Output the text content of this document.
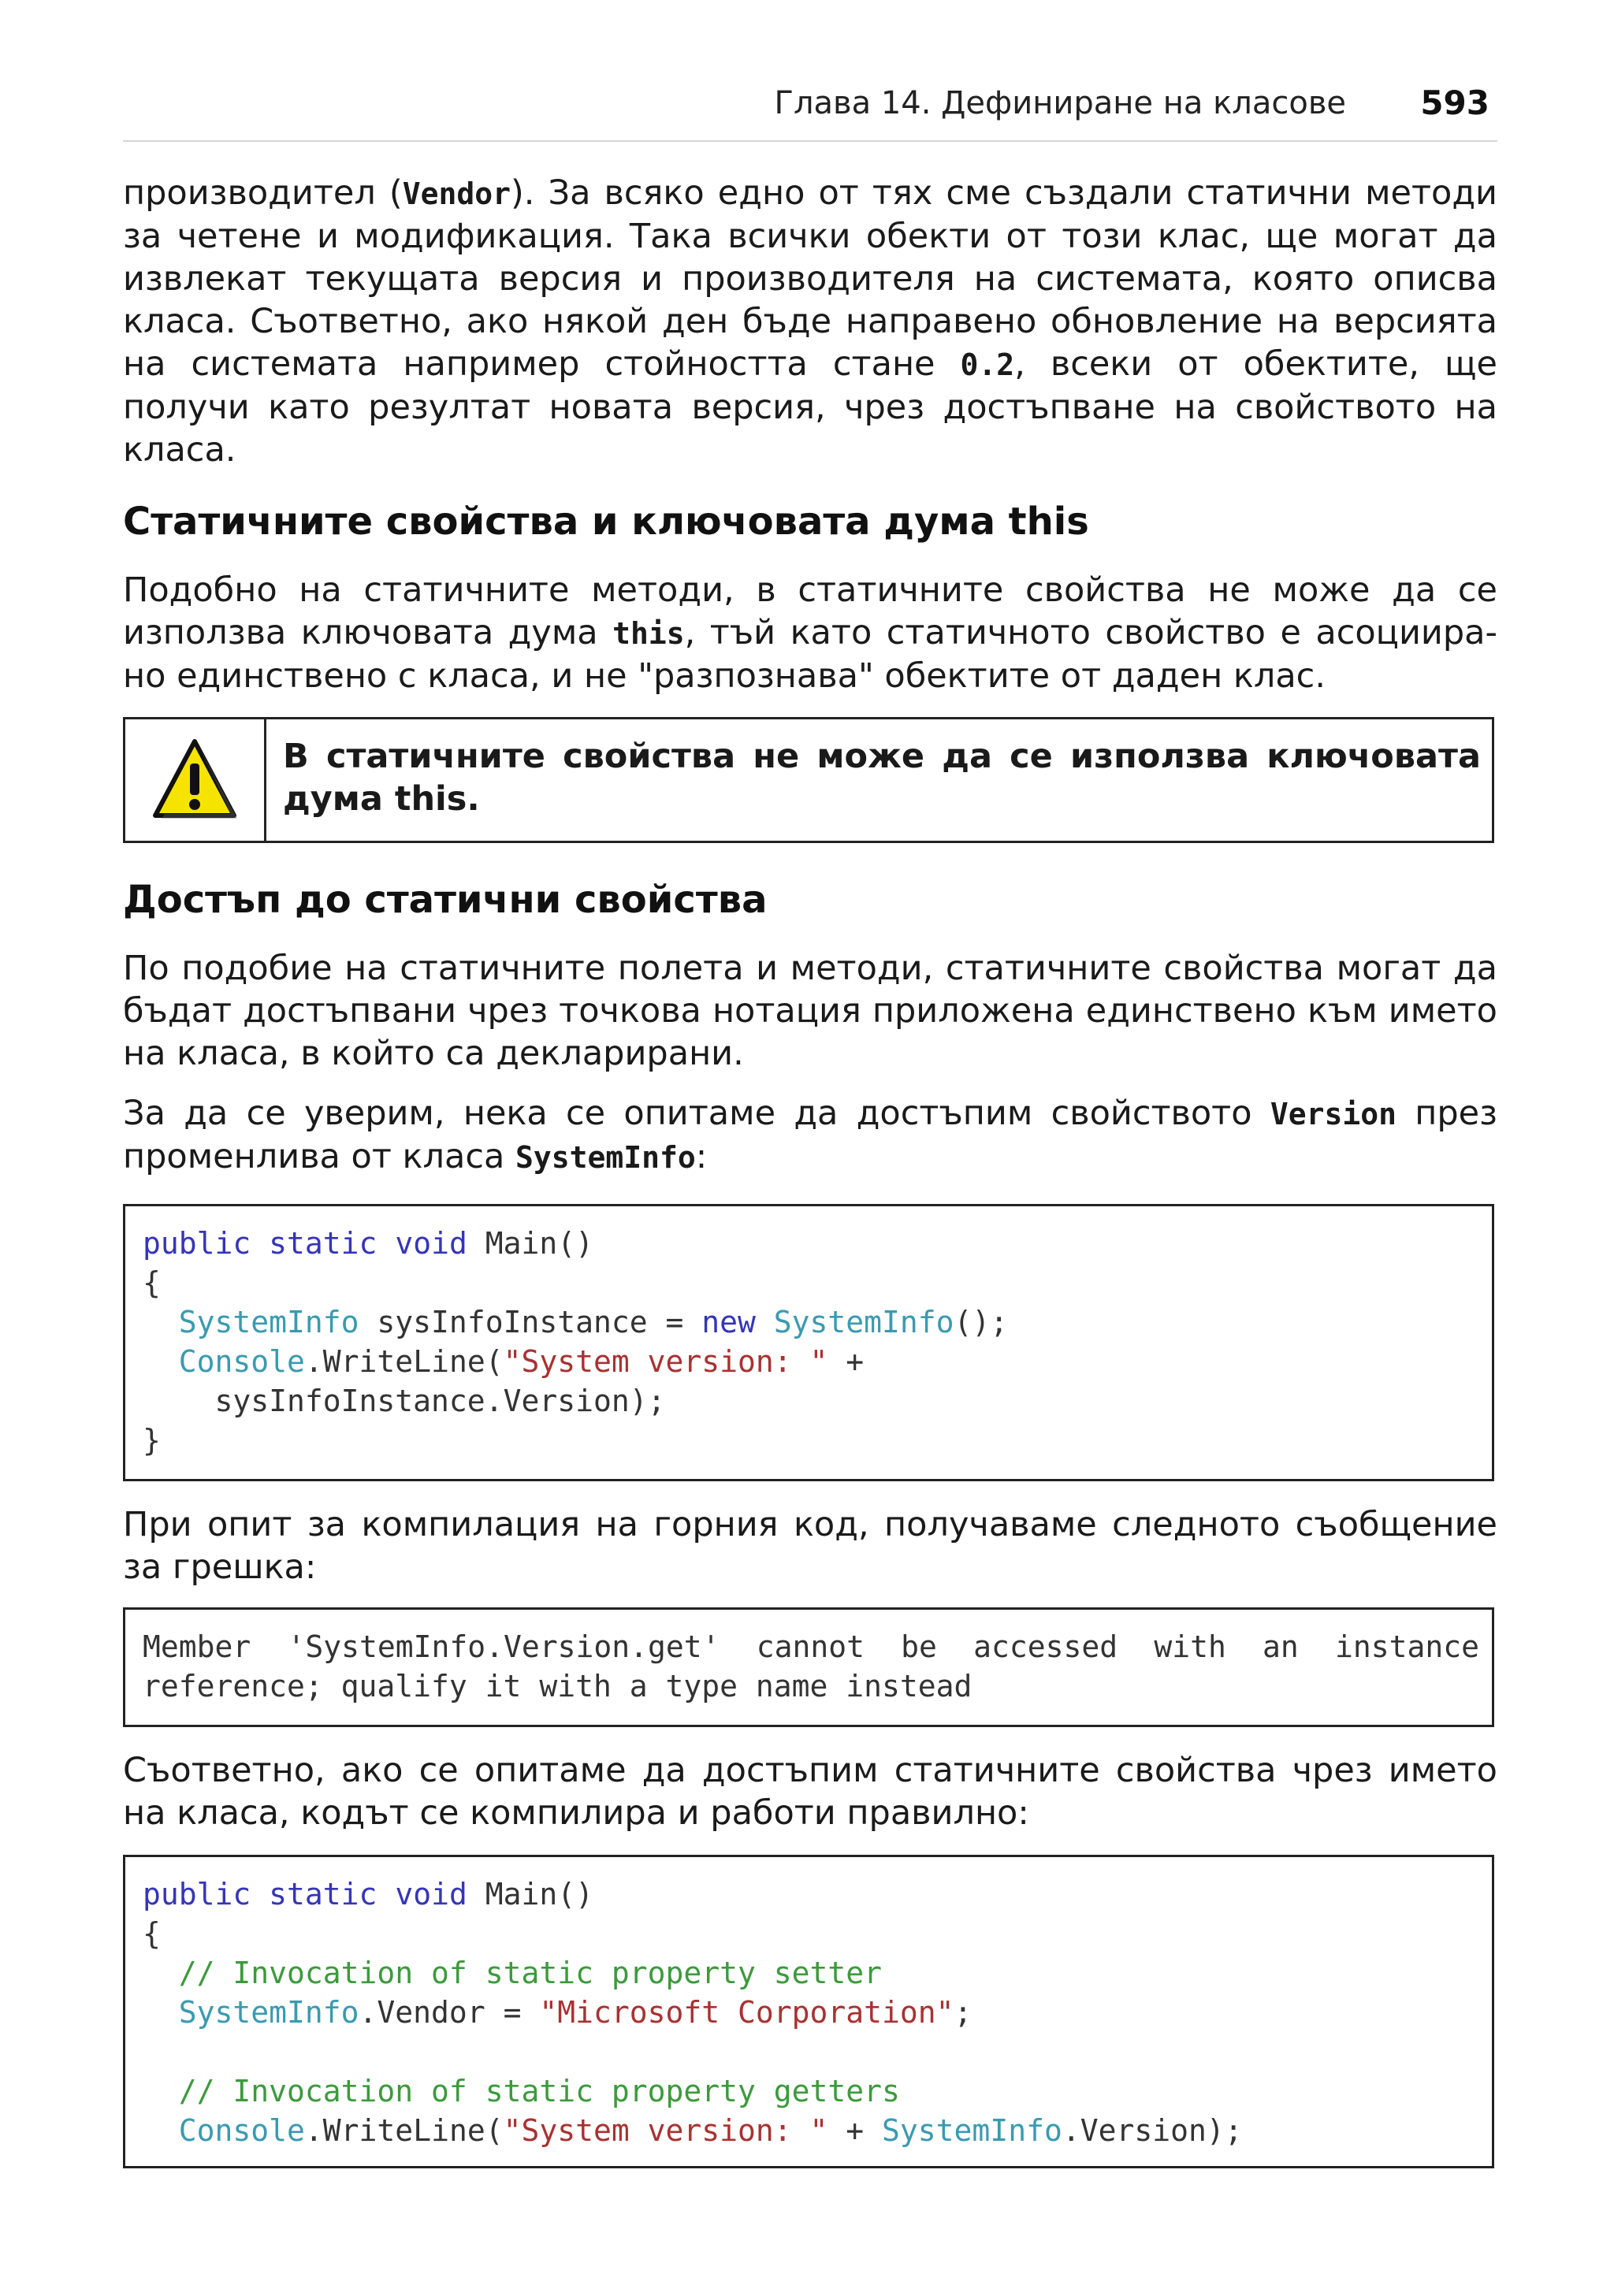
Глава 14. Дефиниране на класове 593

производител (Vendor). За всяко едно от тях сме създали статични методи за четене и модификация. Така всички обекти от този клас, ще могат да извлекат текущата версия и производителя на системата, която описва класа. Съответно, ако някой ден бъде направено обновление на версията на системата например стойността стане 0.2, всеки от обектите, ще получи като резултат новата версия, чрез достъпване на свойството на класа.

Статичните свойства и ключовата дума this

Подобно на статичните методи, в статичните свойства не може да се използва ключовата дума this, тъй като статичното свойство е асоциира-но единствено с класа, и не "разпознава" обектите от даден клас.

В статичните свойства не може да се използва ключовата дума this.
Достъп до статични свойства

По подобие на статичните полета и методи, статичните свойства могат да бъдат достъпвани чрез точкова нотация приложена единствено към името на класа, в който са декларирани.

За да се уверим, нека се опитаме да достъпим свойството Version през променлива от класа SystemInfo:

public static void Main()
{
SystemInfo sysInfoInstance = new SystemInfo();
Console.WriteLine("System version: " +
sysInfoInstance.Version);
}

При опит за компилация на горния код, получаваме следното съобщение за грешка:

Member 'SystemInfo.Version.get' cannot be accessed with an instance reference; qualify it with a type name instead

Съответно, ако се опитаме да достъпим статичните свойства чрез името на класа, кодът се компилира и работи правилно:

public static void Main()
{
// Invocation of static property setter
SystemInfo.Vendor = "Microsoft Corporation";

// Invocation of static property getters
Console.WriteLine("System version: " + SystemInfo.Version);
